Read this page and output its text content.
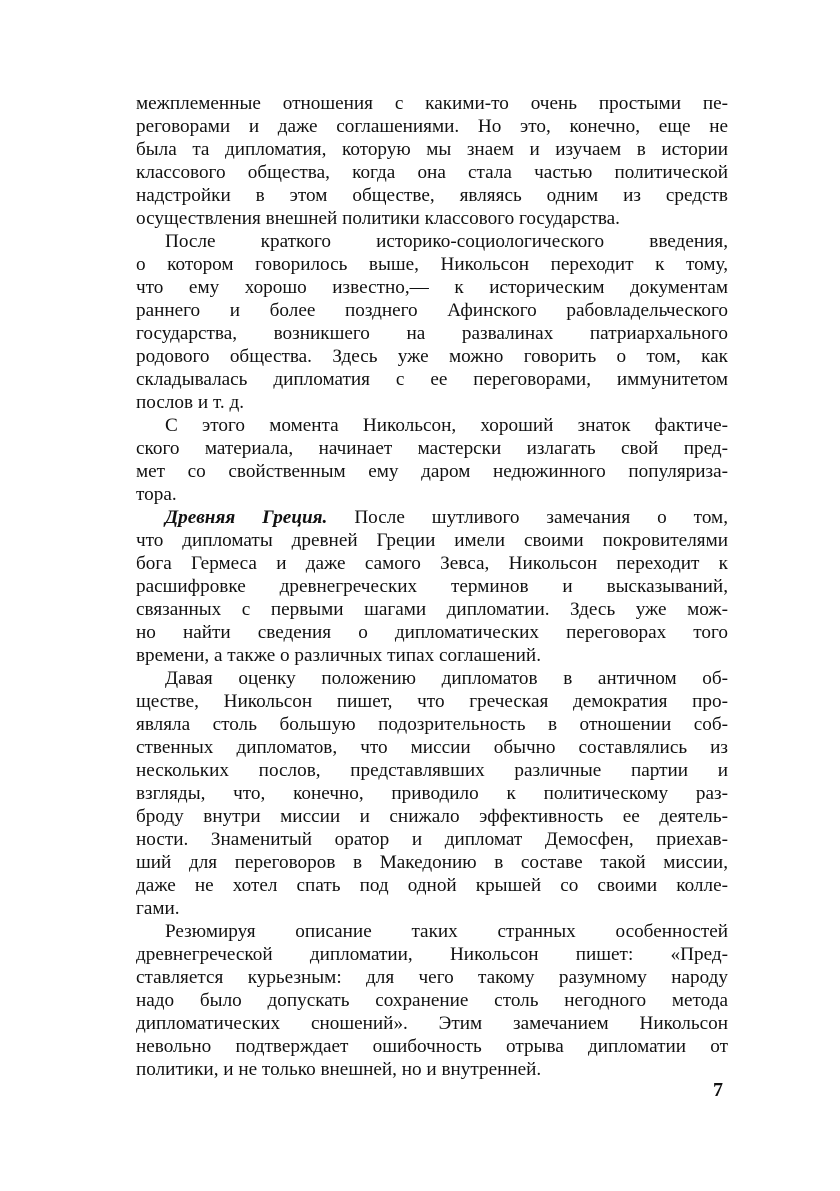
межплеменные отношения с какими-то очень простыми пе-
реговорами и даже соглашениями. Но это, конечно, еще не
была та дипломатия, которую мы знаем и изучаем в истории
классового общества, когда она стала частью политической
надстройки в этом обществе, являясь одним из средств
осуществления внешней политики классового государства.
После краткого историко-социологического введения,
о котором говорилось выше, Никольсон переходит к тому,
что ему хорошо известно,— к историческим документам
раннего и более позднего Афинского рабовладельческого
государства, возникшего на развалинах патриархального
родового общества. Здесь уже можно говорить о том, как
складывалась дипломатия с ее переговорами, иммунитетом
послов и т. д.
С этого момента Никольсон, хороший знаток фактиче-
ского материала, начинает мастерски излагать свой пред-
мет со свойственным ему даром недюжинного популяриза-
тора.
Древняя Греция. После шутливого замечания о том,
что дипломаты древней Греции имели своими покровителями
бога Гермеса и даже самого Зевса, Никольсон переходит к
расшифровке древнегреческих терминов и высказываний,
связанных с первыми шагами дипломатии. Здесь уже мож-
но найти сведения о дипломатических переговорах того
времени, а также о различных типах соглашений.
Давая оценку положению дипломатов в античном об-
ществе, Никольсон пишет, что греческая демократия про-
являла столь большую подозрительность в отношении соб-
ственных дипломатов, что миссии обычно составлялись из
нескольких послов, представлявших различные партии и
взгляды, что, конечно, приводило к политическому раз-
броду внутри миссии и снижало эффективность ее деятель-
ности. Знаменитый оратор и дипломат Демосфен, приехав-
ший для переговоров в Македонию в составе такой миссии,
даже не хотел спать под одной крышей со своими колле-
гами.
Резюмируя описание таких странных особенностей
древнегреческой дипломатии, Никольсон пишет: «Пред-
ставляется курьезным: для чего такому разумному народу
надо было допускать сохранение столь негодного метода
дипломатических сношений». Этим замечанием Никольсон
невольно подтверждает ошибочность отрыва дипломатии от
политики, и не только внешней, но и внутренней.
7
